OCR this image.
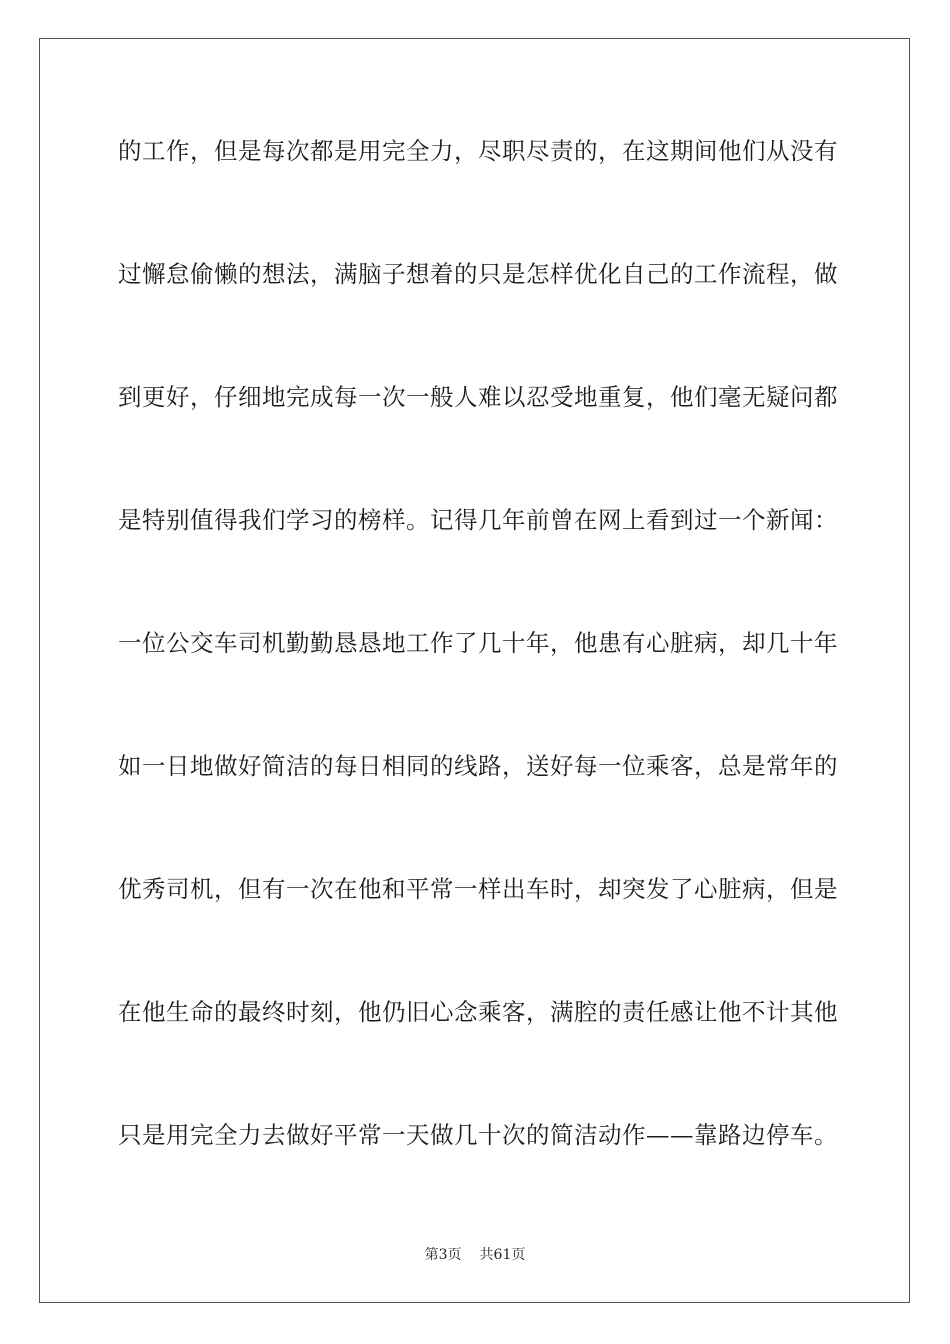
的工作，但是每次都是用完全力，尽职尽责的，在这期间他们从没有
过懈怠偷懒的想法，满脑子想着的只是怎样优化自己的工作流程，做
到更好，仔细地完成每一次一般人难以忍受地重复，他们毫无疑问都
是特别值得我们学习的榜样。记得几年前曾在网上看到过一个新闻：
一位公交车司机勤勤恳恳地工作了几十年，他患有心脏病，却几十年
如一日地做好简洁的每日相同的线路，送好每一位乘客，总是常年的
优秀司机，但有一次在他和平常一样出车时，却突发了心脏病，但是
在他生命的最终时刻，他仍旧心念乘客，满腔的责任感让他不计其他
只是用完全力去做好平常一天做几十次的简洁动作——靠路边停车。
第3页 共61页
